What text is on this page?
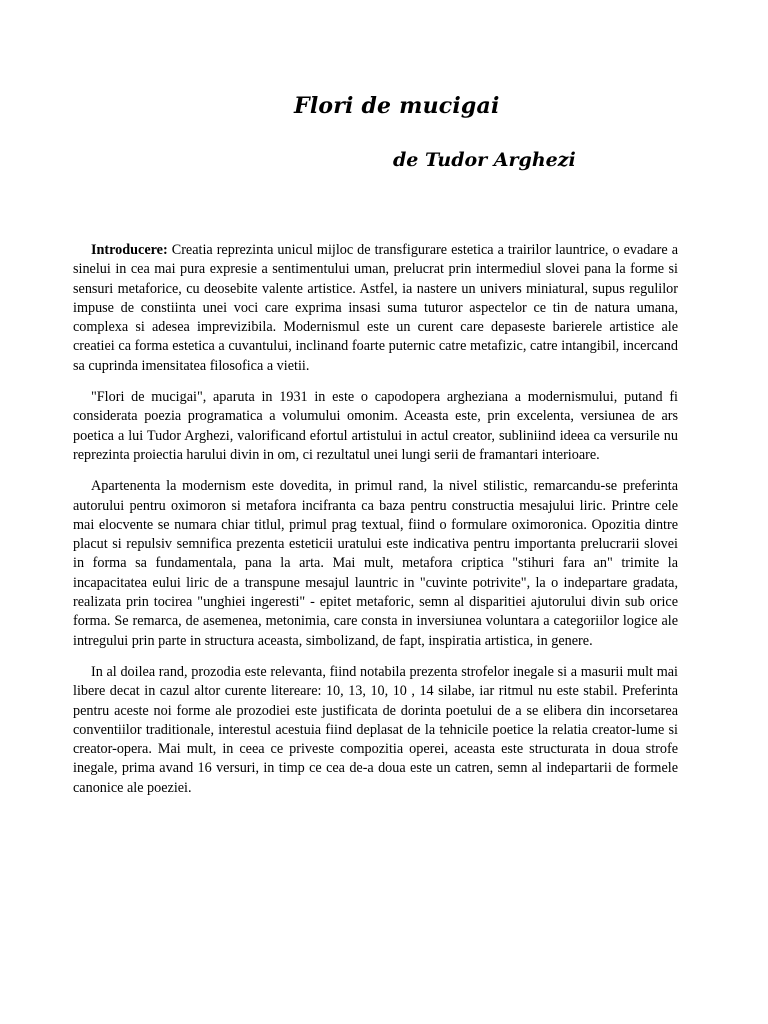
Flori de mucigai
de Tudor Arghezi

Introducere: Creatia reprezinta unicul mijloc de transfigurare estetica a trairilor launtrice, o evadare a sinelui in cea mai pura expresie a sentimentului uman, prelucrat prin intermediul slovei pana la forme si sensuri metaforice, cu deosebite valente artistice. Astfel, ia nastere un univers miniatural, supus regulilor impuse de constiinta unei voci care exprima insasi suma tuturor aspectelor ce tin de natura umana, complexa si adesea imprevizibila. Modernismul este un curent care depaseste barierele artistice ale creatiei ca forma estetica a cuvantului, inclinand foarte puternic catre metafizic, catre intangibil, incercand sa cuprinda imensitatea filosofica a vietii.

"Flori de mucigai", aparuta in 1931 in este o capodopera argheziana a modernismului, putand fi considerata poezia programatica a volumului omonim. Aceasta este, prin excelenta, versiunea de ars poetica a lui Tudor Arghezi, valorificand efortul artistului in actul creator, subliniind ideea ca versurile nu reprezinta proiectia harului divin in om, ci rezultatul unei lungi serii de framantari interioare.

Apartenenta la modernism este dovedita, in primul rand, la nivel stilistic, remarcandu-se preferinta autorului pentru oximoron si metafora incifranta ca baza pentru constructia mesajului liric. Printre cele mai elocvente se numara chiar titlul, primul prag textual, fiind o formulare oximoronica. Opozitia dintre placut si repulsiv semnifica prezenta esteticii uratului este indicativa pentru importanta prelucrarii slovei in forma sa fundamentala, pana la arta. Mai mult, metafora criptica "stihuri fara an" trimite la incapacitatea eului liric de a transpune mesajul launtric in "cuvinte potrivite", la o indepartare gradata, realizata prin tocirea "unghiei ingeresti" - epitet metaforic, semn al disparitiei ajutorului divin sub orice forma. Se remarca, de asemenea, metonimia, care consta in inversiunea voluntara a categoriilor logice ale intregului prin parte in structura aceasta, simbolizand, de fapt, inspiratia artistica, in genere.

In al doilea rand, prozodia este relevanta, fiind notabila prezenta strofelor inegale si a masurii mult mai libere decat in cazul altor curente litereare: 10, 13, 10, 10 , 14 silabe, iar ritmul nu este stabil. Preferinta pentru aceste noi forme ale prozodiei este justificata de dorinta poetului de a se elibera din incorsetarea conventiilor traditionale, interestul acestuia fiind deplasat de la tehnicile poetice la relatia creator-lume si creator-opera. Mai mult, in ceea ce priveste compozitia operei, aceasta este structurata in doua strofe inegale, prima avand 16 versuri, in timp ce cea de-a doua este un catren, semn al indepartarii de formele canonice ale poeziei.
